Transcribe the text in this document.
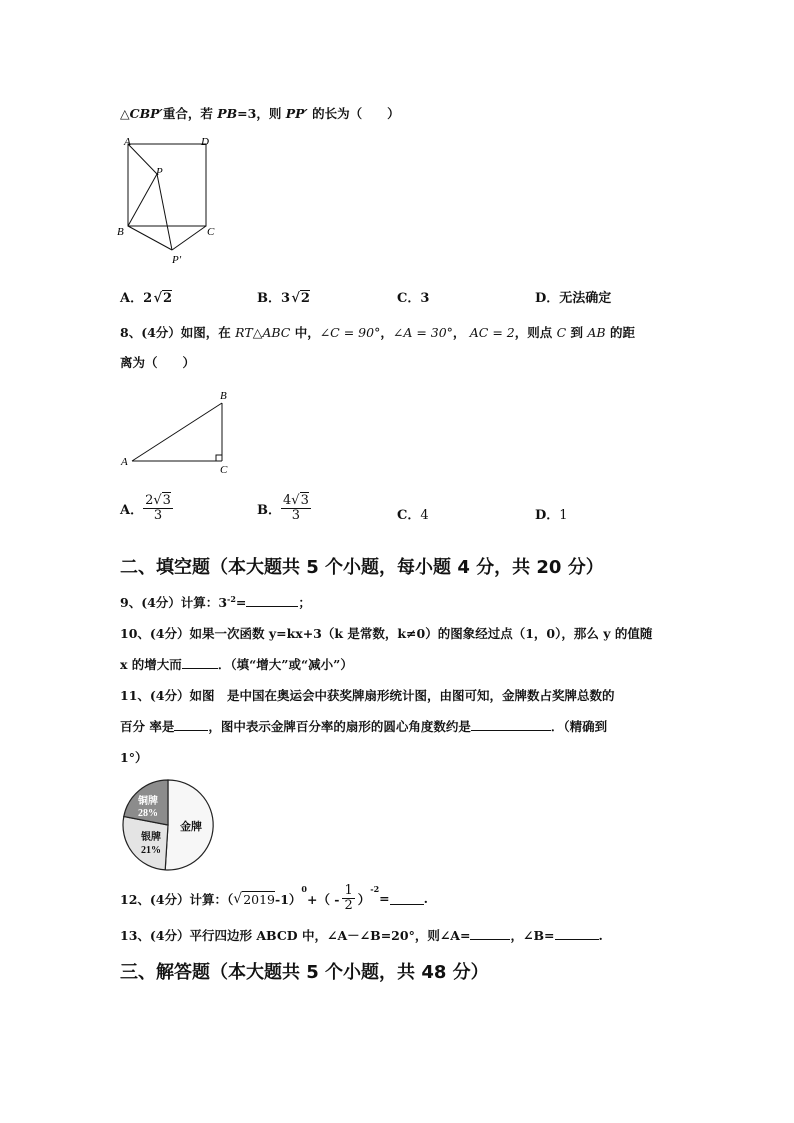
△CBP′重合，若 PB=3，则 PP′ 的长为（　　）
A	D
P
B	C
P′
A．2 √2	B．3 √2	C．3	D．无法确定
8、(4分）如图，在 RT△ABC 中，∠C = 90°，∠A = 30°， AC = 2，则点 C 到 AB 的距
离为（　　）
A
B
C
A． $\frac{2√3}{3}$	B． $\frac{4√3}{3}$	C．4	D．1
二、填空题（本大题共 5 个小题，每小题 4 分，共 20 分）
9、(4分）计算：$3^{-2}=$	；
10、(4分）如果一次函数 y=kx+3（k 是常数，k≠0）的图象经过点（1，0），那么 y 的值随
x 的增大而	．（填“增大”或“减小”）
11、(4分）如图　是中国在奥运会中获奖牌扇形统计图，由图可知，金牌数占奖牌总数的
百分 率是	，图中表示金牌百分率的扇形的圆心角度数约是	．（精确到
1°）
铜牌
28%
银牌
21%
金牌
12、(4分）计算：（ √ 2019 -1）
$^0$
+（ - $\frac{1}{2}$ ）
$^{-2}$
=	.
13、(4分）平行四边形 ABCD 中，∠A－∠B=20°，则∠A=	，∠B=	.
三、解答题（本大题共 5 个小题，共 48 分）
